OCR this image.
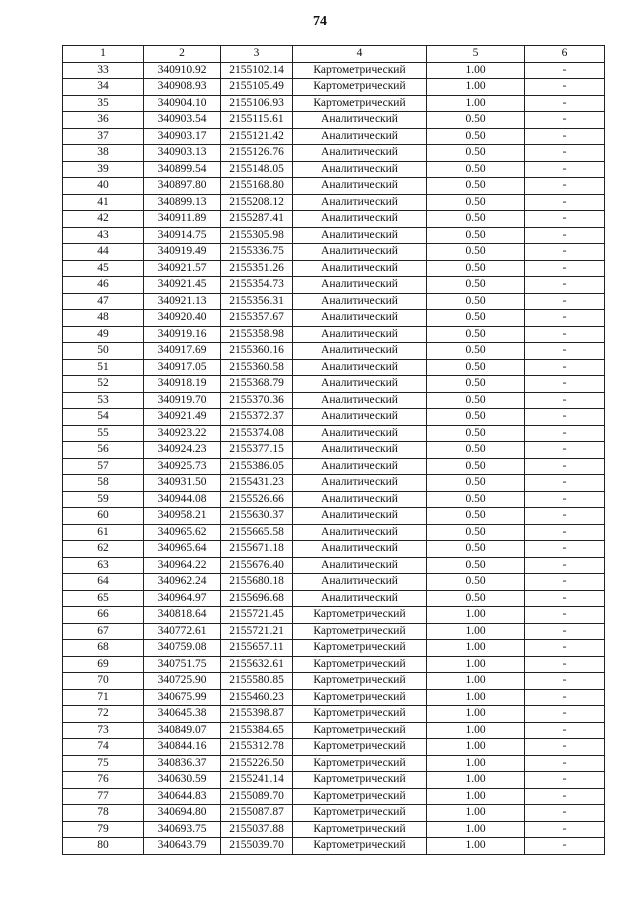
74
1	2	3	4	5	6
33	340910.92	2155102.14	Картометрический	1.00	-
34	340908.93	2155105.49	Картометрический	1.00	-
35	340904.10	2155106.93	Картометрический	1.00	-
36	340903.54	2155115.61	Аналитический	0.50	-
37	340903.17	2155121.42	Аналитический	0.50	-
38	340903.13	2155126.76	Аналитический	0.50	-
39	340899.54	2155148.05	Аналитический	0.50	-
40	340897.80	2155168.80	Аналитический	0.50	-
41	340899.13	2155208.12	Аналитический	0.50	-
42	340911.89	2155287.41	Аналитический	0.50	-
43	340914.75	2155305.98	Аналитический	0.50	-
44	340919.49	2155336.75	Аналитический	0.50	-
45	340921.57	2155351.26	Аналитический	0.50	-
46	340921.45	2155354.73	Аналитический	0.50	-
47	340921.13	2155356.31	Аналитический	0.50	-
48	340920.40	2155357.67	Аналитический	0.50	-
49	340919.16	2155358.98	Аналитический	0.50	-
50	340917.69	2155360.16	Аналитический	0.50	-
51	340917.05	2155360.58	Аналитический	0.50	-
52	340918.19	2155368.79	Аналитический	0.50	-
53	340919.70	2155370.36	Аналитический	0.50	-
54	340921.49	2155372.37	Аналитический	0.50	-
55	340923.22	2155374.08	Аналитический	0.50	-
56	340924.23	2155377.15	Аналитический	0.50	-
57	340925.73	2155386.05	Аналитический	0.50	-
58	340931.50	2155431.23	Аналитический	0.50	-
59	340944.08	2155526.66	Аналитический	0.50	-
60	340958.21	2155630.37	Аналитический	0.50	-
61	340965.62	2155665.58	Аналитический	0.50	-
62	340965.64	2155671.18	Аналитический	0.50	-
63	340964.22	2155676.40	Аналитический	0.50	-
64	340962.24	2155680.18	Аналитический	0.50	-
65	340964.97	2155696.68	Аналитический	0.50	-
66	340818.64	2155721.45	Картометрический	1.00	-
67	340772.61	2155721.21	Картометрический	1.00	-
68	340759.08	2155657.11	Картометрический	1.00	-
69	340751.75	2155632.61	Картометрический	1.00	-
70	340725.90	2155580.85	Картометрический	1.00	-
71	340675.99	2155460.23	Картометрический	1.00	-
72	340645.38	2155398.87	Картометрический	1.00	-
73	340849.07	2155384.65	Картометрический	1.00	-
74	340844.16	2155312.78	Картометрический	1.00	-
75	340836.37	2155226.50	Картометрический	1.00	-
76	340630.59	2155241.14	Картометрический	1.00	-
77	340644.83	2155089.70	Картометрический	1.00	-
78	340694.80	2155087.87	Картометрический	1.00	-
79	340693.75	2155037.88	Картометрический	1.00	-
80	340643.79	2155039.70	Картометрический	1.00	-
